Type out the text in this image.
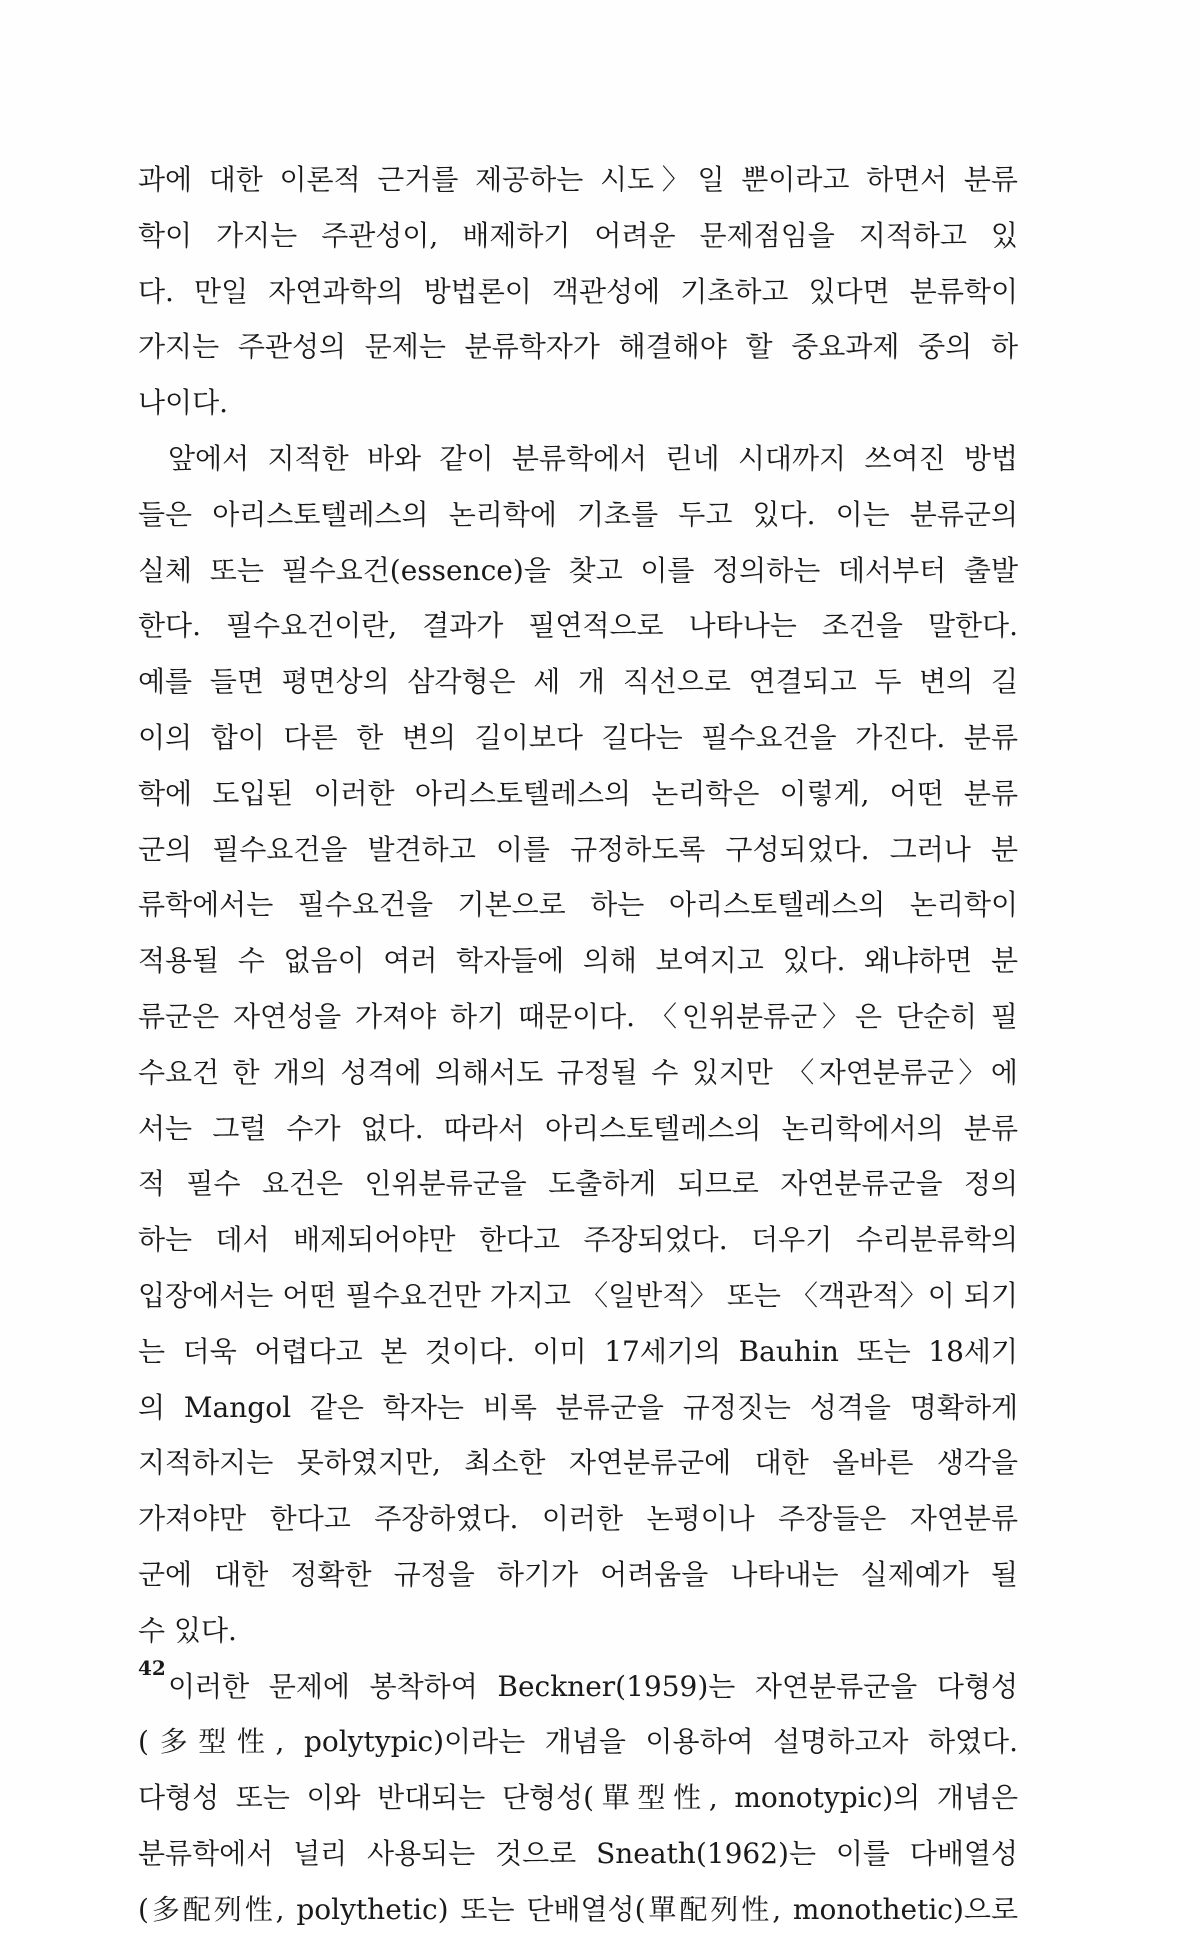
과에 대한 이론적 근거를 제공하는 시도〉일 뿐이라고 하면서 분류
학이 가지는 주관성이, 배제하기 어려운 문제점임을 지적하고 있
다. 만일 자연과학의 방법론이 객관성에 기초하고 있다면 분류학이
가지는 주관성의 문제는 분류학자가 해결해야 할 중요과제 중의 하
나이다.
앞에서 지적한 바와 같이 분류학에서 린네 시대까지 쓰여진 방법
들은 아리스토텔레스의 논리학에 기초를 두고 있다. 이는 분류군의
실체 또는 필수요건(essence)을 찾고 이를 정의하는 데서부터 출발
한다. 필수요건이란, 결과가 필연적으로 나타나는 조건을 말한다.
예를 들면 평면상의 삼각형은 세 개 직선으로 연결되고 두 변의 길
이의 합이 다른 한 변의 길이보다 길다는 필수요건을 가진다. 분류
학에 도입된 이러한 아리스토텔레스의 논리학은 이렇게, 어떤 분류
군의 필수요건을 발견하고 이를 규정하도록 구성되었다. 그러나 분
류학에서는 필수요건을 기본으로 하는 아리스토텔레스의 논리학이
적용될 수 없음이 여러 학자들에 의해 보여지고 있다. 왜냐하면 분
류군은 자연성을 가져야 하기 때문이다. 〈인위분류군〉은 단순히 필
수요건 한 개의 성격에 의해서도 규정될 수 있지만 〈자연분류군〉에
서는 그럴 수가 없다. 따라서 아리스토텔레스의 논리학에서의 분류
적 필수 요건은 인위분류군을 도출하게 되므로 자연분류군을 정의
하는 데서 배제되어야만 한다고 주장되었다. 더우기 수리분류학의
입장에서는 어떤 필수요건만 가지고 〈일반적〉 또는 〈객관적〉이 되기
는 더욱 어렵다고 본 것이다. 이미 17세기의 Bauhin 또는 18세기
의 Mangol 같은 학자는 비록 분류군을 규정짓는 성격을 명확하게
지적하지는 못하였지만, 최소한 자연분류군에 대한 올바른 생각을
가져야만 한다고 주장하였다. 이러한 논평이나 주장들은 자연분류
군에 대한 정확한 규정을 하기가 어려움을 나타내는 실제예가 될
수 있다.
이러한 문제에 봉착하여 Beckner(1959)는 자연분류군을 다형성
(多型性, polytypic)이라는 개념을 이용하여 설명하고자 하였다.
다형성 또는 이와 반대되는 단형성(單型性, monotypic)의 개념은
분류학에서 널리 사용되는 것으로 Sneath(1962)는 이를 다배열성
(多配列性, polythetic) 또는 단배열성(單配列性, monothetic)으로
42
